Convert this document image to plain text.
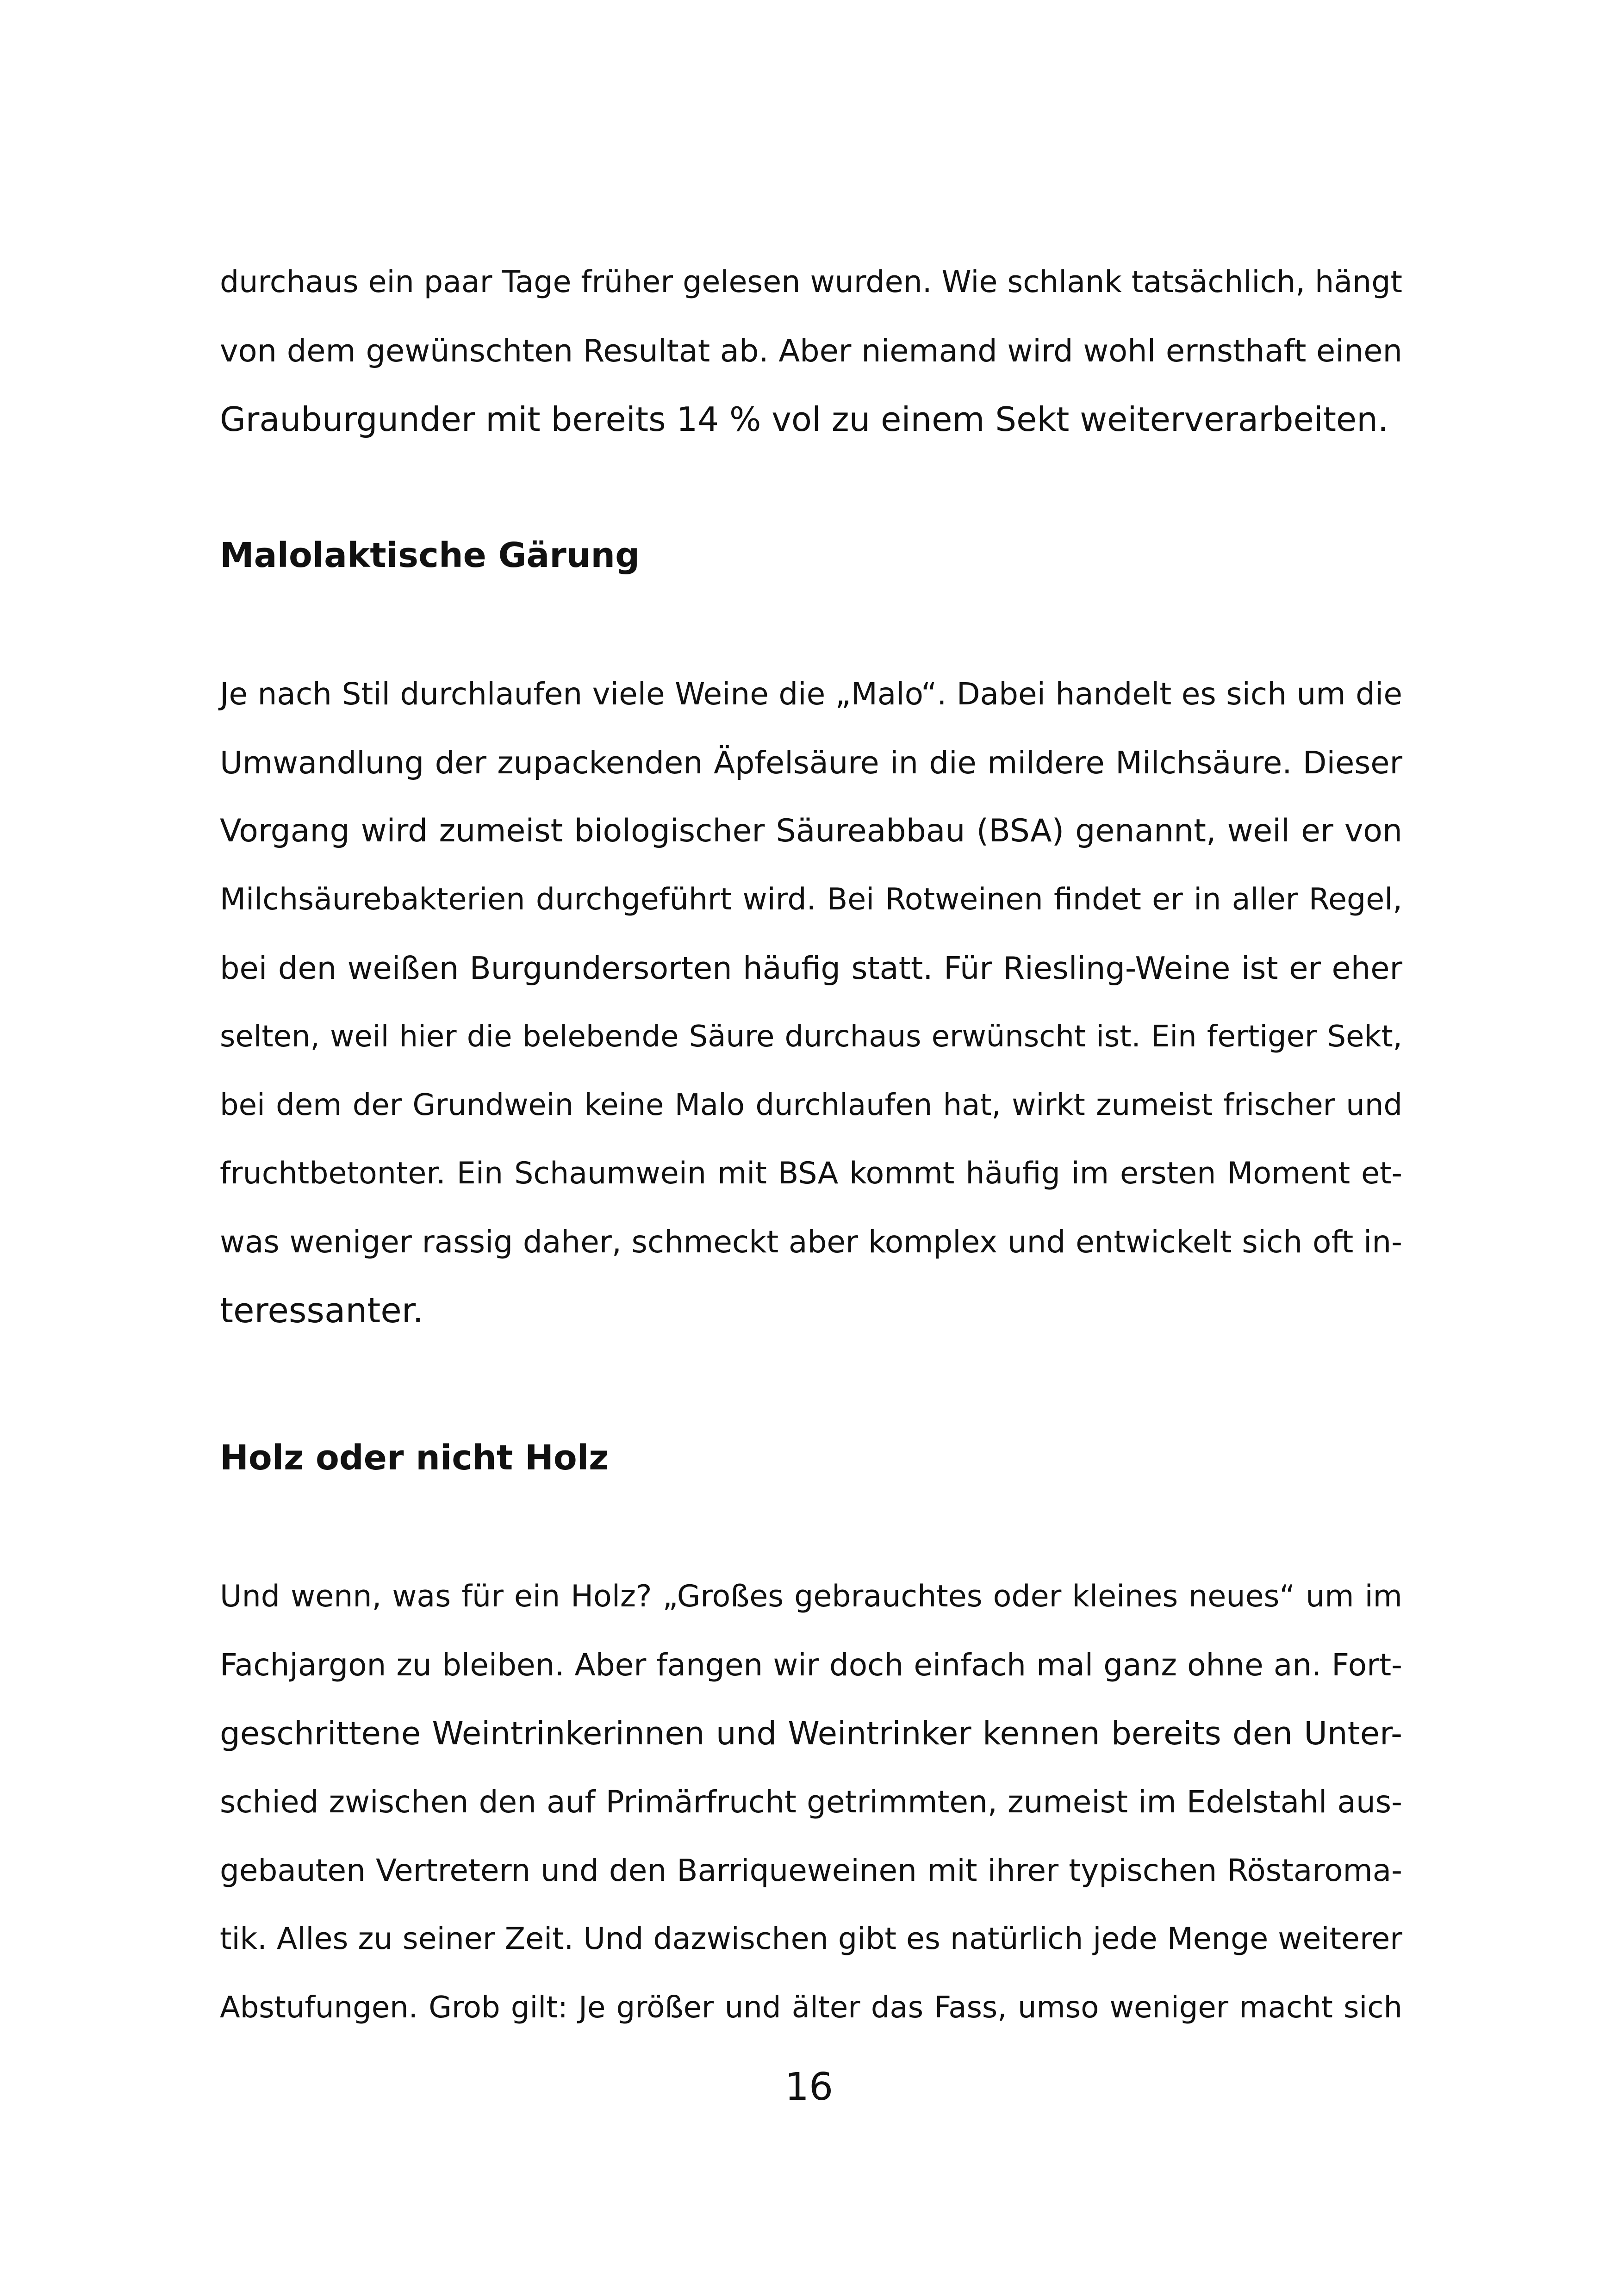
durchaus ein paar Tage früher gelesen wurden. Wie schlank tatsächlich, hängt
von dem gewünschten Resultat ab. Aber niemand wird wohl ernsthaft einen
Grauburgunder mit bereits 14 % vol zu einem Sekt weiterverarbeiten.
Malolaktische Gärung
Je nach Stil durchlaufen viele Weine die „Malo“. Dabei handelt es sich um die
Umwandlung der zupackenden Äpfelsäure in die mildere Milchsäure. Dieser
Vorgang wird zumeist biologischer Säureabbau (BSA) genannt, weil er von
Milchsäurebakterien durchgeführt wird. Bei Rotweinen findet er in aller Regel,
bei den weißen Burgundersorten häufig statt. Für Riesling-Weine ist er eher
selten, weil hier die belebende Säure durchaus erwünscht ist. Ein fertiger Sekt,
bei dem der Grundwein keine Malo durchlaufen hat, wirkt zumeist frischer und
fruchtbetonter. Ein Schaumwein mit BSA kommt häufig im ersten Moment et-
was weniger rassig daher, schmeckt aber komplex und entwickelt sich oft in-
teressanter.
Holz oder nicht Holz
Und wenn, was für ein Holz? „Großes gebrauchtes oder kleines neues“ um im
Fachjargon zu bleiben. Aber fangen wir doch einfach mal ganz ohne an. Fort-
geschrittene Weintrinkerinnen und Weintrinker kennen bereits den Unter-
schied zwischen den auf Primärfrucht getrimmten, zumeist im Edelstahl aus-
gebauten Vertretern und den Barriqueweinen mit ihrer typischen Röstaroma-
tik. Alles zu seiner Zeit. Und dazwischen gibt es natürlich jede Menge weiterer
Abstufungen. Grob gilt: Je größer und älter das Fass, umso weniger macht sich
16
